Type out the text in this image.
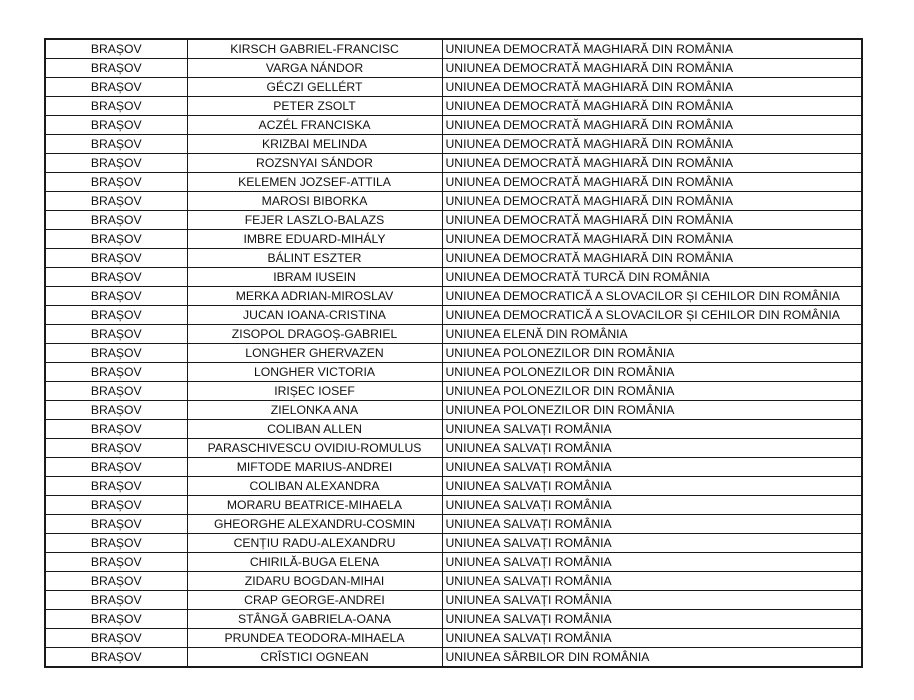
BRAȘOV	KIRSCH GABRIEL-FRANCISC	UNIUNEA DEMOCRATĂ MAGHIARĂ DIN ROMÂNIA
BRAȘOV	VARGA NÁNDOR	UNIUNEA DEMOCRATĂ MAGHIARĂ DIN ROMÂNIA
BRAȘOV	GÉCZI GELLÉRT	UNIUNEA DEMOCRATĂ MAGHIARĂ DIN ROMÂNIA
BRAȘOV	PETER ZSOLT	UNIUNEA DEMOCRATĂ MAGHIARĂ DIN ROMÂNIA
BRAȘOV	ACZÉL FRANCISKA	UNIUNEA DEMOCRATĂ MAGHIARĂ DIN ROMÂNIA
BRAȘOV	KRIZBAI MELINDA	UNIUNEA DEMOCRATĂ MAGHIARĂ DIN ROMÂNIA
BRAȘOV	ROZSNYAI SÁNDOR	UNIUNEA DEMOCRATĂ MAGHIARĂ DIN ROMÂNIA
BRAȘOV	KELEMEN JOZSEF-ATTILA	UNIUNEA DEMOCRATĂ MAGHIARĂ DIN ROMÂNIA
BRAȘOV	MAROSI BIBORKA	UNIUNEA DEMOCRATĂ MAGHIARĂ DIN ROMÂNIA
BRAȘOV	FEJER LASZLO-BALAZS	UNIUNEA DEMOCRATĂ MAGHIARĂ DIN ROMÂNIA
BRAȘOV	IMBRE EDUARD-MIHÁLY	UNIUNEA DEMOCRATĂ MAGHIARĂ DIN ROMÂNIA
BRAȘOV	BÁLINT ESZTER	UNIUNEA DEMOCRATĂ MAGHIARĂ DIN ROMÂNIA
BRAȘOV	IBRAM IUSEIN	UNIUNEA DEMOCRATĂ TURCĂ DIN ROMÂNIA
BRAȘOV	MERKA ADRIAN-MIROSLAV	UNIUNEA DEMOCRATICĂ A SLOVACILOR ȘI CEHILOR DIN ROMÂNIA
BRAȘOV	JUCAN IOANA-CRISTINA	UNIUNEA DEMOCRATICĂ A SLOVACILOR ȘI CEHILOR DIN ROMÂNIA
BRAȘOV	ZISOPOL DRAGOȘ-GABRIEL	UNIUNEA ELENĂ DIN ROMÂNIA
BRAȘOV	LONGHER GHERVAZEN	UNIUNEA POLONEZILOR DIN ROMÂNIA
BRAȘOV	LONGHER VICTORIA	UNIUNEA POLONEZILOR DIN ROMÂNIA
BRAȘOV	IRIȘEC IOSEF	UNIUNEA POLONEZILOR DIN ROMÂNIA
BRAȘOV	ZIELONKA ANA	UNIUNEA POLONEZILOR DIN ROMÂNIA
BRAȘOV	COLIBAN ALLEN	UNIUNEA SALVAȚI ROMÂNIA
BRAȘOV	PARASCHIVESCU OVIDIU-ROMULUS	UNIUNEA SALVAȚI ROMÂNIA
BRAȘOV	MIFTODE MARIUS-ANDREI	UNIUNEA SALVAȚI ROMÂNIA
BRAȘOV	COLIBAN ALEXANDRA	UNIUNEA SALVAȚI ROMÂNIA
BRAȘOV	MORARU BEATRICE-MIHAELA	UNIUNEA SALVAȚI ROMÂNIA
BRAȘOV	GHEORGHE ALEXANDRU-COSMIN	UNIUNEA SALVAȚI ROMÂNIA
BRAȘOV	CENȚIU RADU-ALEXANDRU	UNIUNEA SALVAȚI ROMÂNIA
BRAȘOV	CHIRILĂ-BUGA ELENA	UNIUNEA SALVAȚI ROMÂNIA
BRAȘOV	ZIDARU BOGDAN-MIHAI	UNIUNEA SALVAȚI ROMÂNIA
BRAȘOV	CRAP GEORGE-ANDREI	UNIUNEA SALVAȚI ROMÂNIA
BRAȘOV	STÂNGĂ GABRIELA-OANA	UNIUNEA SALVAȚI ROMÂNIA
BRAȘOV	PRUNDEA TEODORA-MIHAELA	UNIUNEA SALVAȚI ROMÂNIA
BRAȘOV	CRÎSTICI OGNEAN	UNIUNEA SÂRBILOR DIN ROMÂNIA
